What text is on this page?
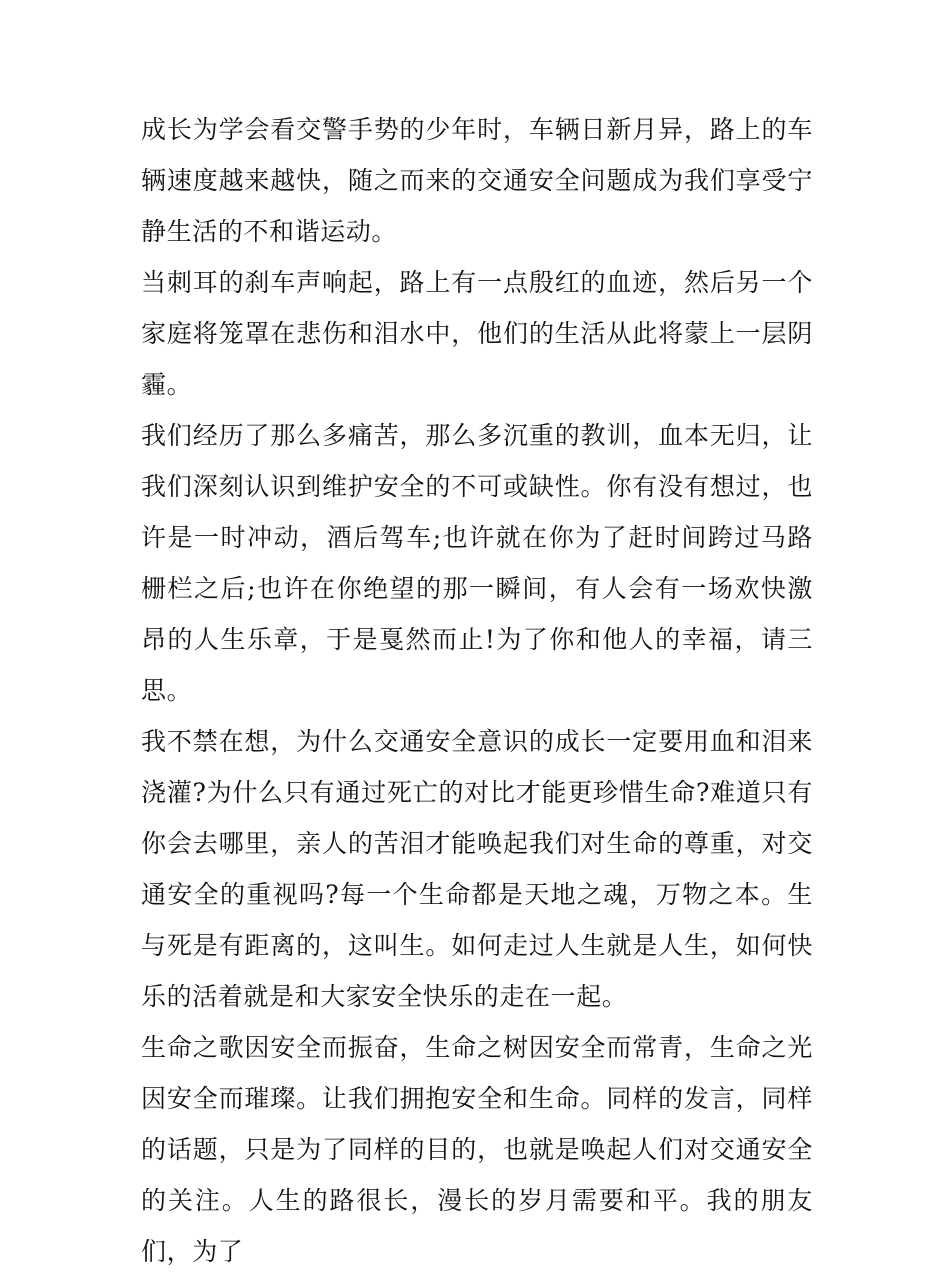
成长为学会看交警手势的少年时，车辆日新月异，路上的车辆速度越来越快，随之而来的交通安全问题成为我们享受宁静生活的不和谐运动。

当刺耳的刹车声响起，路上有一点殷红的血迹，然后另一个家庭将笼罩在悲伤和泪水中，他们的生活从此将蒙上一层阴霾。

我们经历了那么多痛苦，那么多沉重的教训，血本无归，让我们深刻认识到维护安全的不可或缺性。你有没有想过，也许是一时冲动，酒后驾车;也许就在你为了赶时间跨过马路栅栏之后;也许在你绝望的那一瞬间，有人会有一场欢快激昂的人生乐章，于是戛然而止!为了你和他人的幸福，请三思。

我不禁在想，为什么交通安全意识的成长一定要用血和泪来浇灌?为什么只有通过死亡的对比才能更珍惜生命?难道只有你会去哪里，亲人的苦泪才能唤起我们对生命的尊重，对交通安全的重视吗?每一个生命都是天地之魂，万物之本。生与死是有距离的，这叫生。如何走过人生就是人生，如何快乐的活着就是和大家安全快乐的走在一起。

生命之歌因安全而振奋，生命之树因安全而常青，生命之光因安全而璀璨。让我们拥抱安全和生命。同样的发言，同样的话题，只是为了同样的目的，也就是唤起人们对交通安全的关注。人生的路很长，漫长的岁月需要和平。我的朋友们，为了
